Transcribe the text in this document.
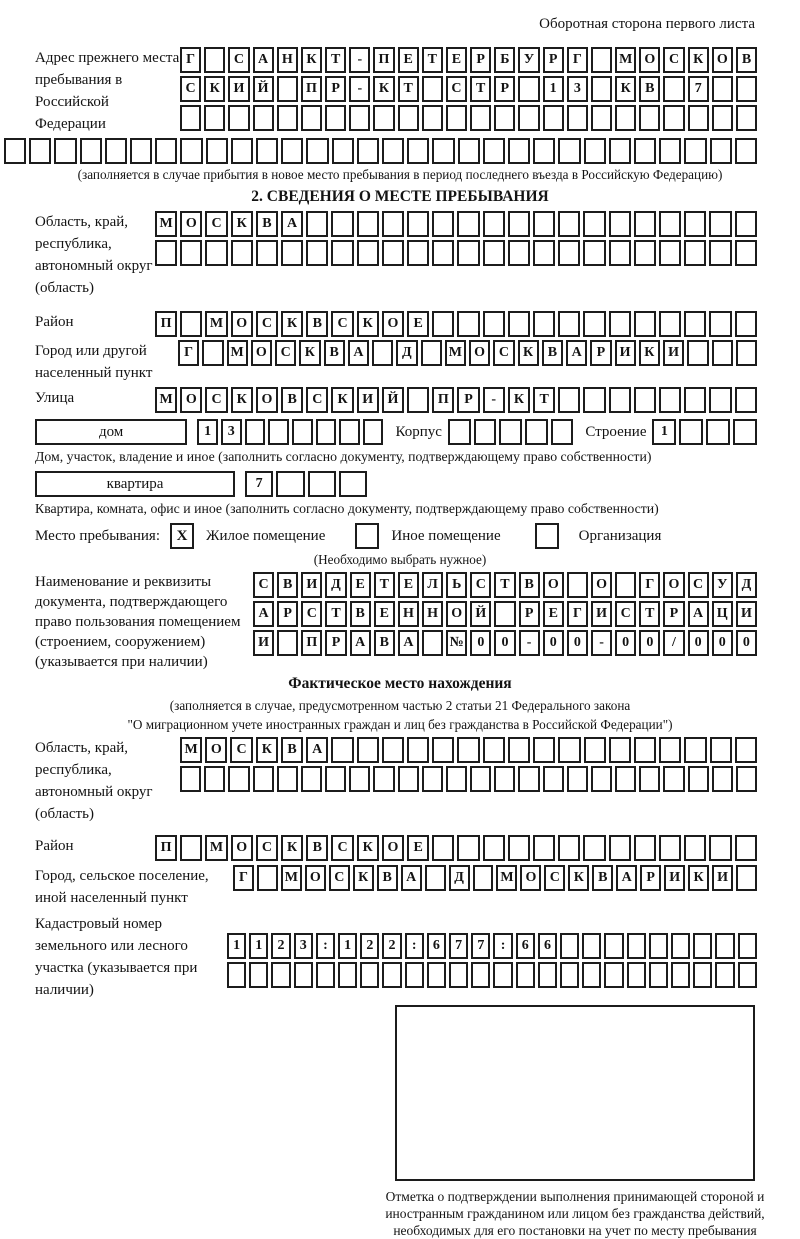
Оборотная сторона первого листа
Адрес прежнего места пребывания в Российской Федерации
Г	С	А Н К	Т	-	П	Е	Т	Е	Р	Б	У	Р	Г	М О С	К О	В
С	К И Й	П	Р	-	К	Т	С	Т	Р	1	3	К	В	7
(заполняется в случае прибытия в новое место пребывания в период последнего въезда в Российскую Федерацию)
2. СВЕДЕНИЯ О МЕСТЕ ПРЕБЫВАНИЯ
Область, край, республика, автономный округ (область)
М О	С	К	В	А
Район	П	М О	С	К	В	С	К	О	Е
Город или другой населенный пункт
Г	М О С	К	В	А	Д	М О С	К	В	А	Р	И К И
Улица	М О	С	К	О	В	С	К	И	Й	П	Р	-	К	Т
дом	1	3	Корпус	Строение	1
Дом, участок, владение и иное (заполнить согласно документу, подтверждающему право собственности)
квартира	7
Квартира, комната, офис и иное (заполнить согласно документу, подтверждающему право собственности)
Место пребывания:	X	Жилое помещение	Иное помещение	Организация
(Необходимо выбрать нужное)
Наименование и реквизиты документа, подтверждающего право пользования помещением (строением, сооружением) (указывается при наличии)
С	В	И Д	Е	Т	Е	Л	Ь	С	Т	В	О	О	Г	О С У	Д
А	Р	С	Т	В	Е	Н Н О Й	Р	Е	Г	И С	Т	Р	А Ц И
И	П	Р	А	В	А	№ 0	0	-	0	0	-	0	0	/	0	0	0
Фактическое место нахождения
(заполняется в случае, предусмотренном частью 2 статьи 21 Федерального закона
"О миграционном учете иностранных граждан и лиц без гражданства в Российской Федерации")
Область, край, республика, автономный округ (область)
М О	С	К	В	А
Район	П	М О	С	К	В	С	К	О	Е
Город, сельское поселение, иной населенный пункт
Г	М О С К	В	А	Д	М О С К	В	А	Р	И К И
Кадастровый номер земельного или лесного участка (указывается при наличии)
1	1	2	3	:	1	2	2	:	6	7	7	:	6	6
Отметка о подтверждении выполнения принимающей стороной и иностранным гражданином или лицом без гражданства действий, необходимых для его постановки на учет по месту пребывания
